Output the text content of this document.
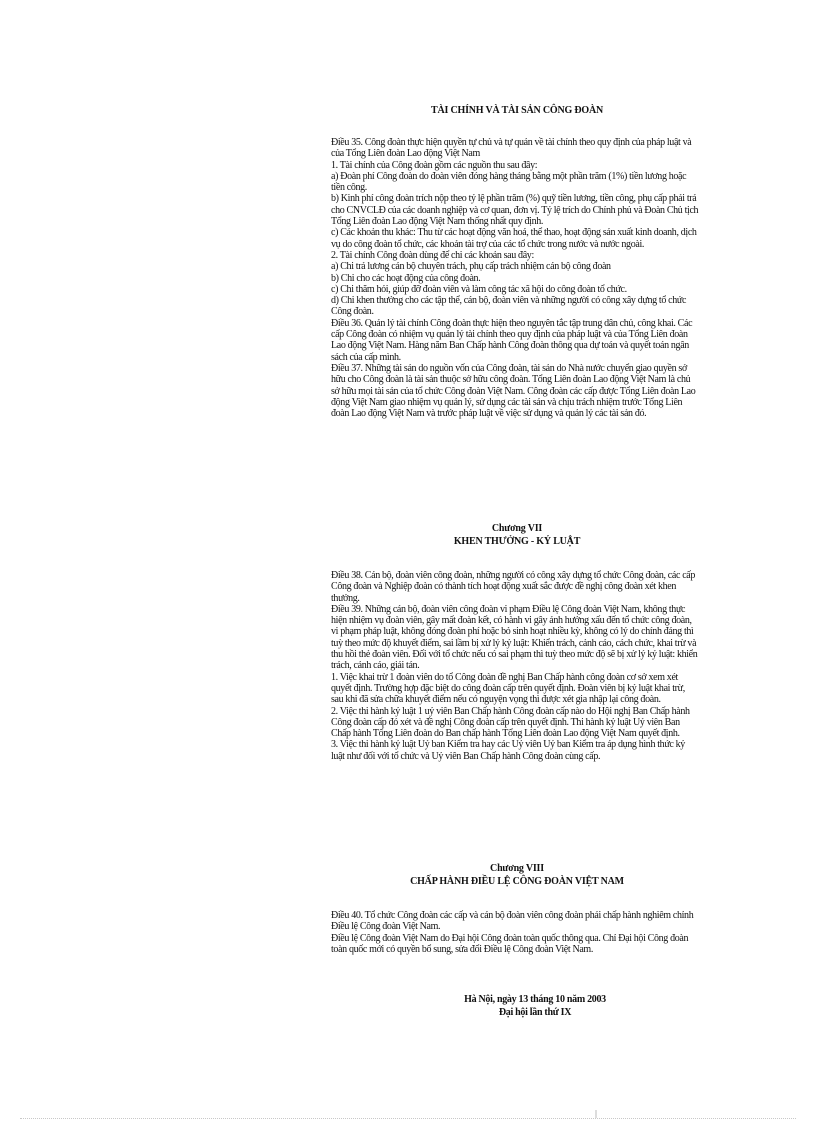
TÀI CHÍNH VÀ TÀI SẢN CÔNG ĐOÀN

Điều 35. Công đoàn thực hiện quyền tự chủ và tự quản về tài chính theo quy định của pháp luật và của Tổng Liên đoàn Lao động Việt Nam

1. Tài chính của Công đoàn gồm các nguồn thu sau đây:

a) Đoàn phí Công đoàn do đoàn viên đóng hàng tháng bằng một phần trăm (1%) tiền lương hoặc tiền công.

b) Kinh phí công đoàn trích nộp theo tỷ lệ phần trăm (%) quỹ tiền lương, tiền công, phụ cấp phải trả cho CNVCLĐ của các doanh nghiệp và cơ quan, đơn vị. Tỷ lệ trích do Chính phủ và Đoàn Chủ tịch Tổng Liên đoàn Lao động Việt Nam thống nhất quy định.

c) Các khoản thu khác: Thu từ các hoạt động văn hoá, thể thao, hoạt động sản xuất kinh doanh, dịch vụ do công đoàn tổ chức, các khoản tài trợ của các tổ chức trong nước và nước ngoài.

2. Tài chính Công đoàn dùng để chi các khoản sau đây:

a) Chi trả lương cán bộ chuyên trách, phụ cấp trách nhiệm cán bộ công đoàn

b) Chi cho các hoạt động của công đoàn.

c) Chi thăm hỏi, giúp đỡ đoàn viên và làm công tác xã hội do công đoàn tổ chức.

d) Chi khen thưởng cho các tập thể, cán bộ, đoàn viên và những người có công xây dựng tổ chức Công đoàn.

Điều 36. Quản lý tài chính Công đoàn thực hiện theo nguyên tắc tập trung dân chủ, công khai. Các cấp Công đoàn có nhiệm vụ quản lý tài chính theo quy định của pháp luật và của Tổng Liên đoàn Lao động Việt Nam. Hàng năm Ban Chấp hành Công đoàn thông qua dự toán và quyết toán ngân sách của cấp mình.

Điều 37. Những tài sản do nguồn vốn của Công đoàn, tài sản do Nhà nước chuyển giao quyền sở hữu cho Công đoàn là tài sản thuộc sở hữu công đoàn. Tổng Liên đoàn Lao động Việt Nam là chủ sở hữu mọi tài sản của tổ chức Công đoàn Việt Nam. Công đoàn các cấp được Tổng Liên đoàn Lao động Việt Nam giao nhiệm vụ quản lý, sử dụng các tài sản và chịu trách nhiệm trước Tổng Liên đoàn Lao động Việt Nam và trước pháp luật về việc sử dụng và quản lý các tài sản đó.

Chương VII
KHEN THƯỞNG - KỶ LUẬT

Điều 38. Cán bộ, đoàn viên công đoàn, những người có công xây dựng tổ chức Công đoàn, các cấp Công đoàn và Nghiệp đoàn có thành tích hoạt động xuất sắc được đề nghị công đoàn xét khen thưởng.

Điều 39. Những cán bộ, đoàn viên công đoàn vi phạm Điều lệ Công đoàn Việt Nam, không thực hiện nhiệm vụ đoàn viên, gây mất đoàn kết, có hành vi gây ảnh hưởng xấu đến tổ chức công đoàn, vi phạm pháp luật, không đóng đoàn phí hoặc bỏ sinh hoạt nhiều kỳ, không có lý do chính đáng thì tuỳ theo mức độ khuyết điểm, sai lầm bị xử lý kỷ luật: Khiển trách, cảnh cáo, cách chức, khai trừ và thu hồi thẻ đoàn viên. Đối với tổ chức nếu có sai phạm thì tuỳ theo mức độ sẽ bị xử lý kỷ luật: khiển trách, cảnh cáo, giải tán.

1. Việc khai trừ 1 đoàn viên do tổ Công đoàn đề nghị Ban Chấp hành công đoàn cơ sở xem xét quyết định. Trường hợp đặc biệt do công đoàn cấp trên quyết định. Đoàn viên bị kỷ luật khai trừ, sau khi đã sửa chữa khuyết điểm nếu có nguyện vọng thì được xét gia nhập lại công đoàn.

2. Việc thi hành kỷ luật 1 uỷ viên Ban Chấp hành Công đoàn cấp nào do Hội nghị Ban Chấp hành Công đoàn cấp đó xét và đề nghị Công đoàn cấp trên quyết định. Thi hành kỷ luật Uỷ viên Ban Chấp hành Tổng Liên đoàn do Ban chấp hành Tổng Liên đoàn Lao động Việt Nam quyết định.

3. Việc thi hành kỷ luật Uỷ ban Kiểm tra hay các Uỷ viên Uỷ ban Kiểm tra áp dụng hình thức kỷ luật như đối với tổ chức và Uỷ viên Ban Chấp hành Công đoàn cùng cấp.

Chương VIII
CHẤP HÀNH ĐIỀU LỆ CÔNG ĐOÀN VIỆT NAM

Điều 40. Tổ chức Công đoàn các cấp và cán bộ đoàn viên công đoàn phải chấp hành nghiêm chỉnh Điều lệ Công đoàn Việt Nam.

Điều lệ Công đoàn Việt Nam do Đại hội Công đoàn toàn quốc thông qua. Chỉ Đại hội Công đoàn toàn quốc mới có quyền bổ sung, sửa đổi Điều lệ Công đoàn Việt Nam.

Hà Nội, ngày 13 tháng 10 năm 2003
Đại hội lần thứ IX
